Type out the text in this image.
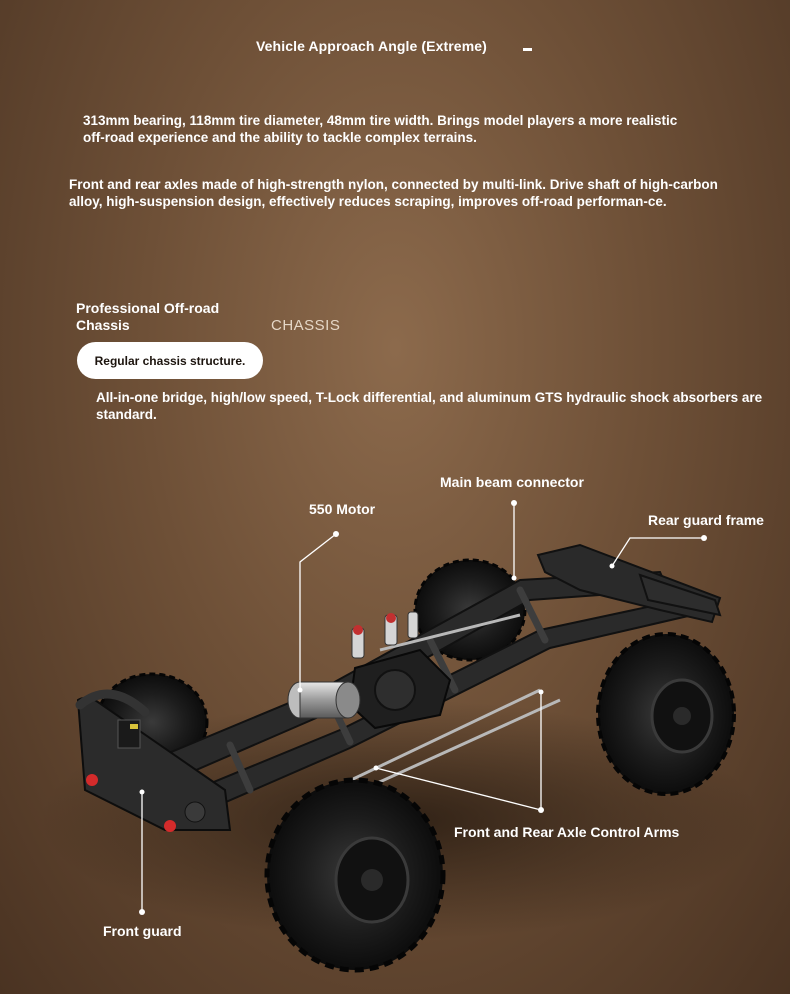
Vehicle Approach Angle (Extreme)
313mm bearing, 118mm tire diameter, 48mm tire width. Brings model players a more realistic off-road experience and the ability to tackle complex terrains.
Front and rear axles made of high-strength nylon, connected by multi-link. Drive shaft of high-carbon alloy, high-suspension design, effectively reduces scraping, improves off-road performan-ce.
Professional Off-road Chassis	CHASSIS
Regular chassis structure.
All-in-one bridge, high/low speed, T-Lock differential, and aluminum GTS hydraulic shock absorbers are standard.
Main beam connector
550 Motor
Rear guard frame
Front and Rear Axle Control Arms
Front guard
